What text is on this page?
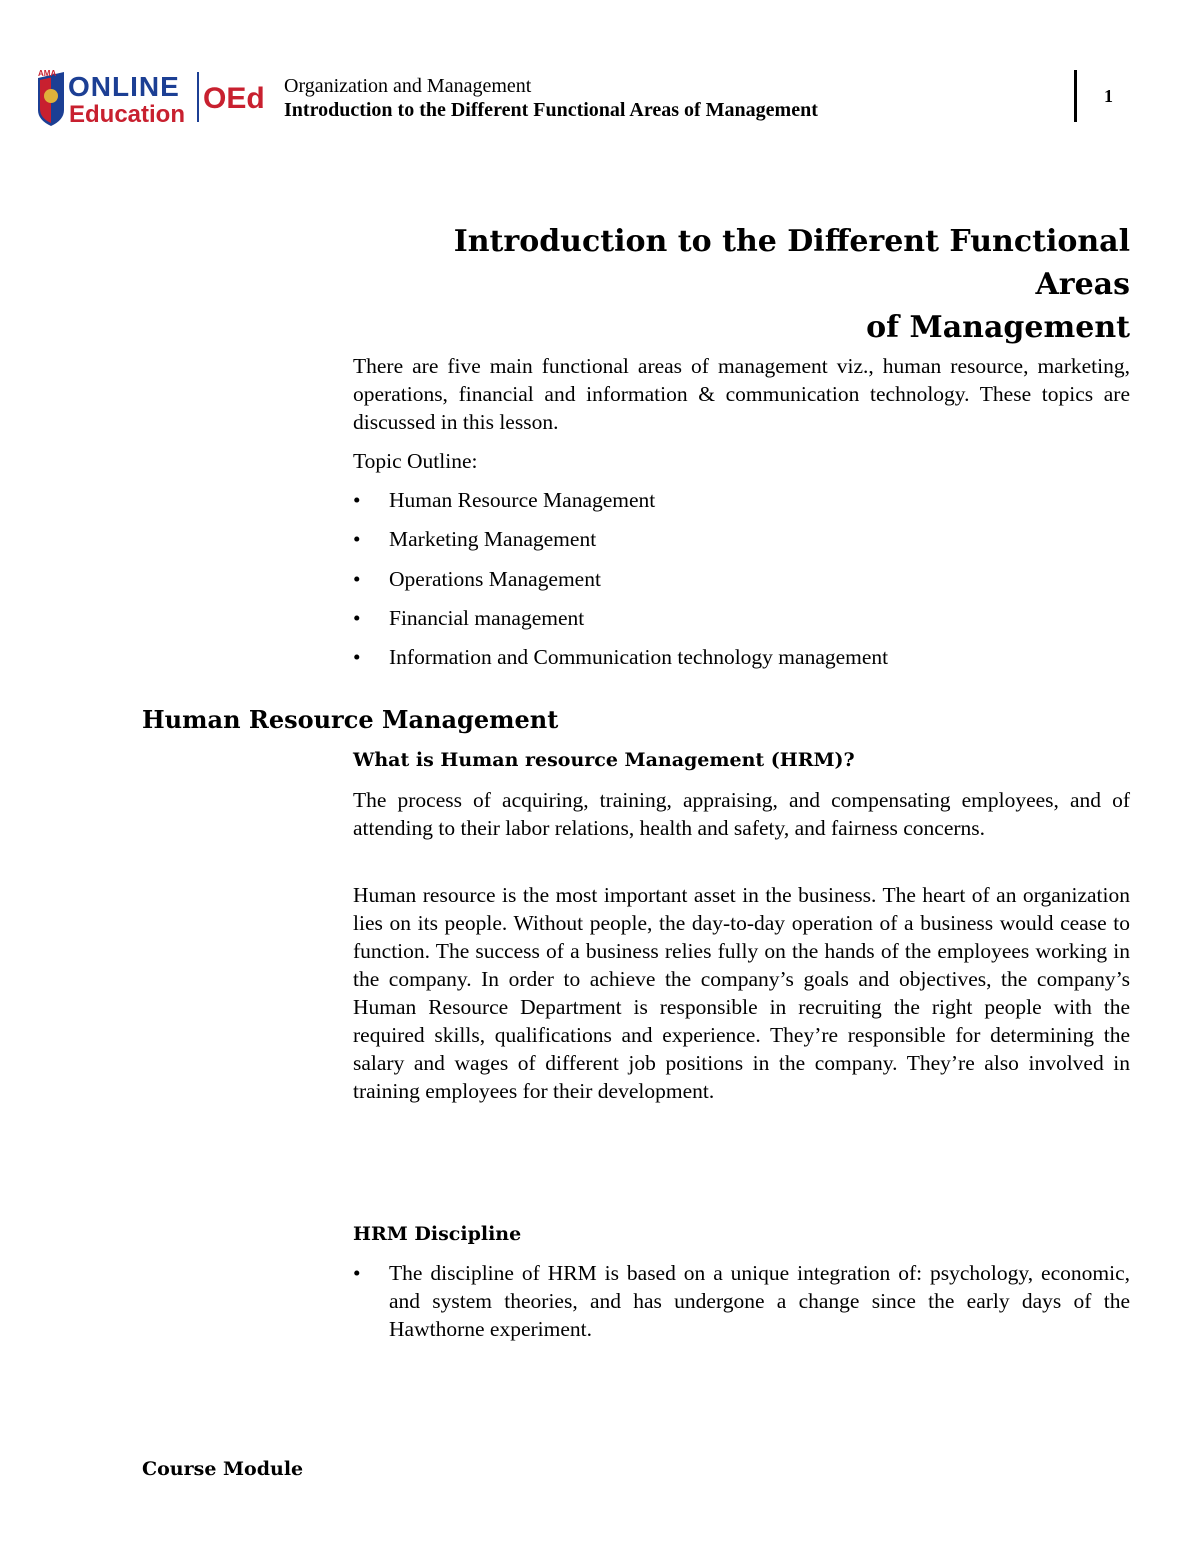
AMA ONLINE
Education OEd Organization and Management
Introduction to the Different Functional Areas of Management
1
Introduction to the Different Functional Areas
of Management

There are five main functional areas of management viz., human resource, marketing, operations, financial and information & communication technology. These topics are discussed in this lesson.

Topic Outline:

• Human Resource Management
• Marketing Management
• Operations Management
• Financial management
• Information and Communication technology management
Human Resource Management
What is Human resource Management (HRM)?

The process of acquiring, training, appraising, and compensating employees, and of attending to their labor relations, health and safety, and fairness concerns.

Human resource is the most important asset in the business. The heart of an organization lies on its people. Without people, the day-to-day operation of a business would cease to function. The success of a business relies fully on the hands of the employees working in the company. In order to achieve the company’s goals and objectives, the company’s Human Resource Department is responsible in recruiting the right people with the required skills, qualifications and experience. They’re responsible for determining the salary and wages of different job positions in the company. They’re also involved in training employees for their development.

HRM Discipline
• The discipline of HRM is based on a unique integration of: psychology, economic, and system theories, and has undergone a change since the early days of the Hawthorne experiment.
Course Module
